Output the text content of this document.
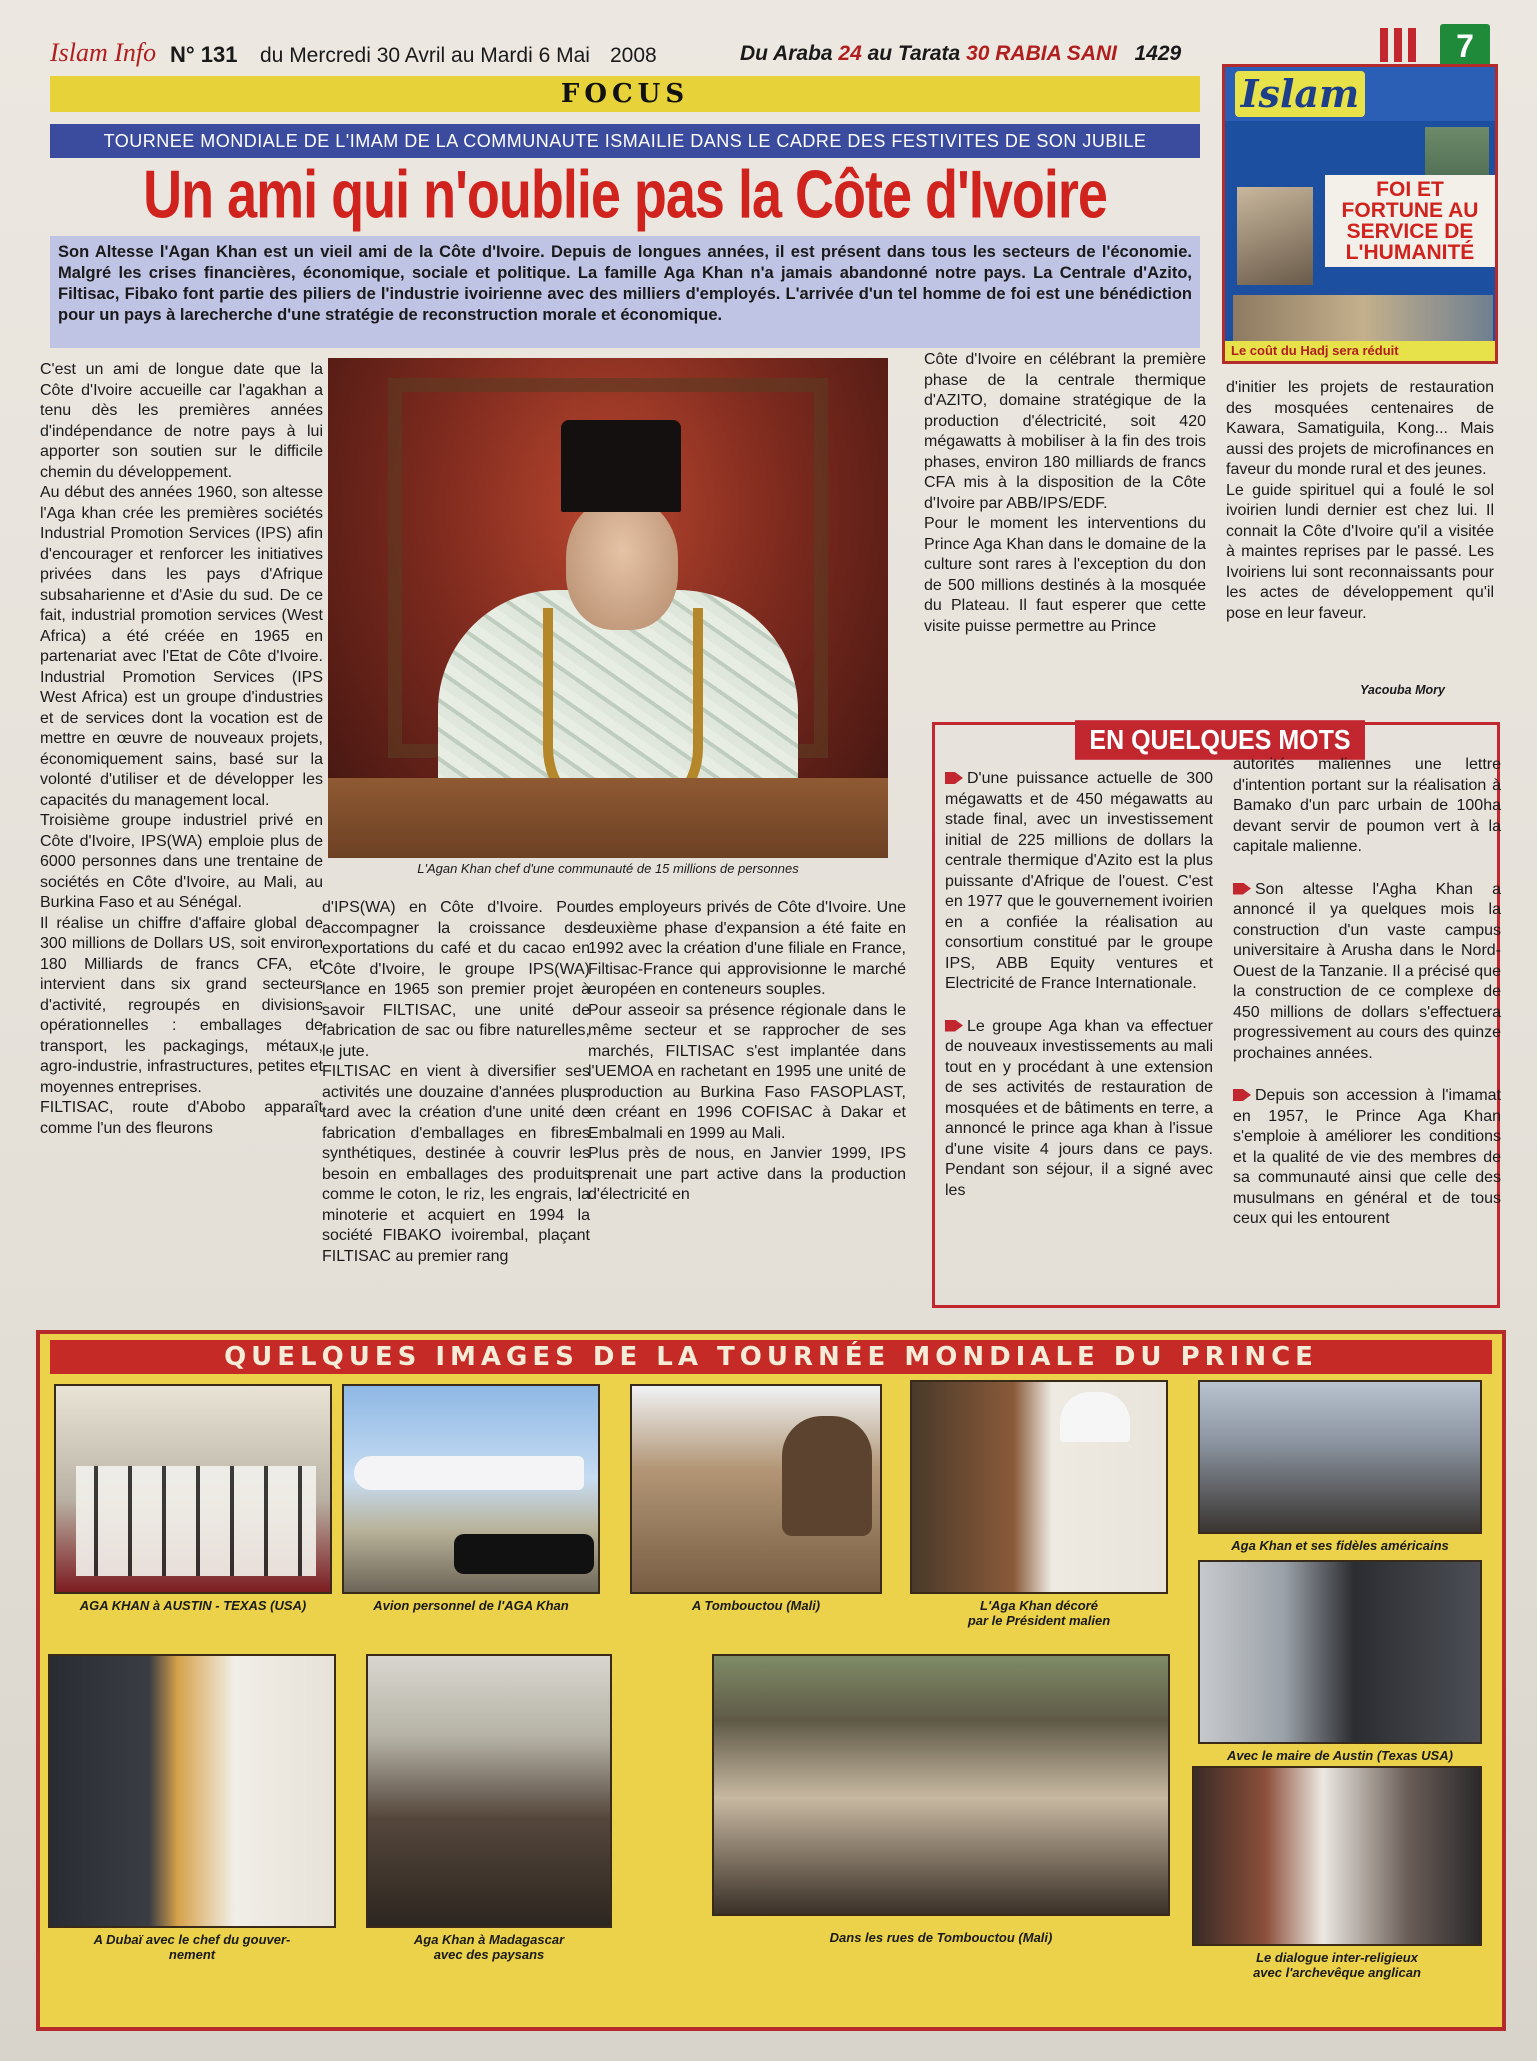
Islam Info N° 131 du Mercredi 30 Avril au Mardi 6 Mai 2008	Du Araba 24 au Tarata 30 RABIA SANI 1429	7
FOCUS
TOURNEE MONDIALE DE L'IMAM DE LA COMMUNAUTE ISMAILIE DANS LE CADRE DES FESTIVITES DE SON JUBILE
Un ami qui n'oublie pas la Côte d'Ivoire
Son Altesse l'Agan Khan est un vieil ami de la Côte d'Ivoire. Depuis de longues années, il est présent dans tous les secteurs de l'économie. Malgré les crises financières, économique, sociale et politique. La famille Aga Khan n'a jamais abandonné notre pays. La Centrale d'Azito, Filtisac, Fibako font partie des piliers de l'industrie ivoirienne avec des milliers d'employés. L'arrivée d'un tel homme de foi est une bénédiction pour un pays à larecherche d'une stratégie de reconstruction morale et économique.
Islam
FOI ET FORTUNE AU SERVICE DE L'HUMANITÉ
Le coût du Hadj sera réduit

C'est un ami de longue date que la Côte d'Ivoire accueille car l'agakhan a tenu dès les premières années d'indépendance de notre pays à lui apporter son soutien sur le difficile chemin du développement.

Au début des années 1960, son altesse l'Aga khan crée les premières sociétés Industrial Promotion Services (IPS) afin d'encourager et renforcer les initiatives privées dans les pays d'Afrique subsaharienne et d'Asie du sud. De ce fait, industrial promotion services (West Africa) a été créée en 1965 en partenariat avec l'Etat de Côte d'Ivoire. Industrial Promotion Services (IPS West Africa) est un groupe d'industries et de services dont la vocation est de mettre en œuvre de nouveaux projets, économiquement sains, basé sur la volonté d'utiliser et de développer les capacités du management local.

Troisième groupe industriel privé en Côte d'Ivoire, IPS(WA) emploie plus de 6000 personnes dans une trentaine de sociétés en Côte d'Ivoire, au Mali, au Burkina Faso et au Sénégal.

Il réalise un chiffre d'affaire global de 300 millions de Dollars US, soit environ 180 Milliards de francs CFA, et intervient dans six grand secteurs d'activité, regroupés en divisions opérationnelles : emballages de transport, les packagings, métaux, agro-industrie, infrastructures, petites et moyennes entreprises.

FILTISAC, route d'Abobo apparaît comme l'un des fleurons

L'Agan Khan chef d'une communauté de 15 millions de personnes

d'IPS(WA) en Côte d'Ivoire. Pour accompagner la croissance des exportations du café et du cacao en Côte d'Ivoire, le groupe IPS(WA) lance en 1965 son premier projet à savoir FILTISAC, une unité de fabrication de sac ou fibre naturelles, le jute.

FILTISAC en vient à diversifier ses activités une douzaine d'années plus tard avec la création d'une unité de fabrication d'emballages en fibres synthétiques, destinée à couvrir les besoin en emballages des produits comme le coton, le riz, les engrais, la minoterie et acquiert en 1994 la société FIBAKO ivoirembal, plaçant FILTISAC au premier rang

des employeurs privés de Côte d'Ivoire. Une deuxième phase d'expansion a été faite en 1992 avec la création d'une filiale en France, Filtisac-France qui approvisionne le marché européen en conteneurs souples.

Pour asseoir sa présence régionale dans le même secteur et se rapprocher de ses marchés, FILTISAC s'est implantée dans l'UEMOA en rachetant en 1995 une unité de production au Burkina Faso FASOPLAST, en créant en 1996 COFISAC à Dakar et Embalmali en 1999 au Mali.

Plus près de nous, en Janvier 1999, IPS prenait une part active dans la production d'électricité en

Côte d'Ivoire en célébrant la première phase de la centrale thermique d'AZITO, domaine stratégique de la production d'électricité, soit 420 mégawatts à mobiliser à la fin des trois phases, environ 180 milliards de francs CFA mis à la disposition de la Côte d'Ivoire par ABB/IPS/EDF.

Pour le moment les interventions du Prince Aga Khan dans le domaine de la culture sont rares à l'exception du don de 500 millions destinés à la mosquée du Plateau. Il faut esperer que cette visite puisse permettre au Prince

d'initier les projets de restauration des mosquées centenaires de Kawara, Samatiguila, Kong... Mais aussi des projets de microfinances en faveur du monde rural et des jeunes.

Le guide spirituel qui a foulé le sol ivoirien lundi dernier est chez lui. Il connait la Côte d'Ivoire qu'il a visitée à maintes reprises par le passé. Les Ivoiriens lui sont reconnaissants pour les actes de développement qu'il pose en leur faveur.

Yacouba Mory
EN QUELQUES MOTS

D'une puissance actuelle de 300 mégawatts et de 450 mégawatts au stade final, avec un investissement initial de 225 millions de dollars la centrale thermique d'Azito est la plus puissante d'Afrique de l'ouest. C'est en 1977 que le gouvernement ivoirien en a confiée la réalisation au consortium constitué par le groupe IPS, ABB Equity ventures et Electricité de France Internationale.

Le groupe Aga khan va effectuer de nouveaux investissements au mali tout en y procédant à une extension de ses activités de restauration de mosquées et de bâtiments en terre, a annoncé le prince aga khan à l'issue d'une visite 4 jours dans ce pays. Pendant son séjour, il a signé avec les

autorités maliennes une lettre d'intention portant sur la réalisation à Bamako d'un parc urbain de 100ha devant servir de poumon vert à la capitale malienne.

Son altesse l'Agha Khan a annoncé il ya quelques mois la construction d'un vaste campus universitaire à Arusha dans le Nord- Ouest de la Tanzanie. Il a précisé que la construction de ce complexe de 450 millions de dollars s'effectuera progressivement au cours des quinze prochaines années.

Depuis son accession à l'imamat en 1957, le Prince Aga Khan s'emploie à améliorer les conditions et la qualité de vie des membres de sa communauté ainsi que celle des musulmans en général et de tous ceux qui les entourent

QUELQUES IMAGES DE LA TOURNÉE MONDIALE DU PRINCE
AGA KHAN à AUSTIN - TEXAS (USA)	Avion personnel de l'AGA Khan	A Tombouctou (Mali)	L'Aga Khan décoré
par le Président malien
Aga Khan et ses fidèles américains
Avec le maire de Austin (Texas USA)
A Dubaï avec le chef du gouver-
nement
Aga Khan à Madagascar
avec des paysans
Dans les rues de Tombouctou (Mali)
Le dialogue inter-religieux
avec l'archevêque anglican
